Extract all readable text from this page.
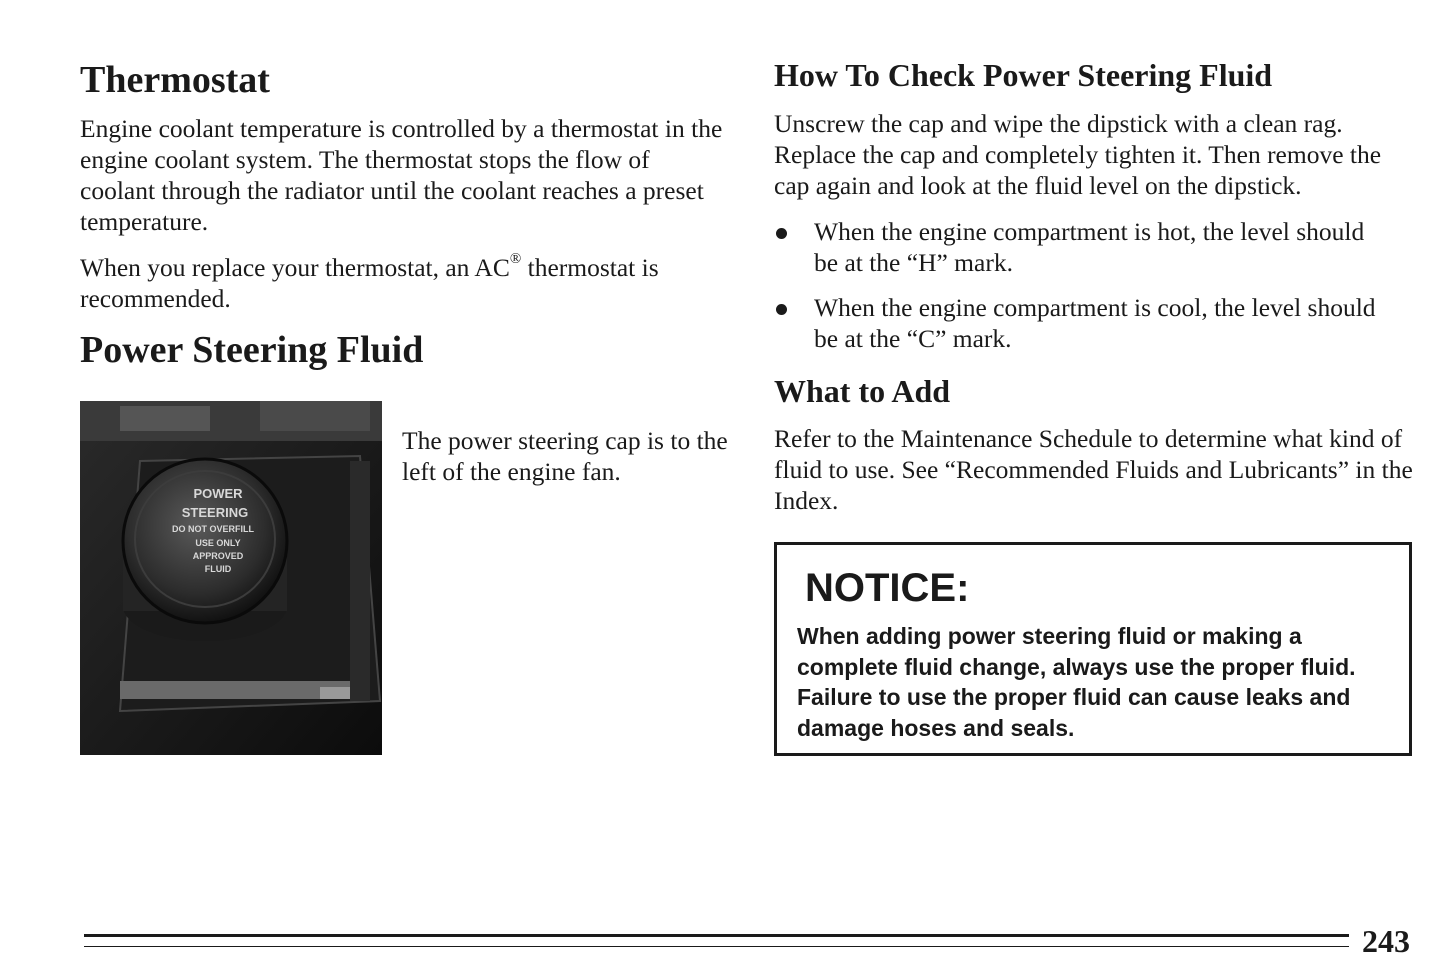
Thermostat

Engine coolant temperature is controlled by a thermostat in the engine coolant system. The thermostat stops the flow of coolant through the radiator until the coolant reaches a preset temperature.

When you replace your thermostat, an AC® thermostat is recommended.

Power Steering Fluid
POWER
STEERING
DO NOT OVERFILL
USE ONLY
APPROVED
FLUID

The power steering cap is to the left of the engine fan.

How To Check Power Steering Fluid

Unscrew the cap and wipe the dipstick with a clean rag. Replace the cap and completely tighten it. Then remove the cap again and look at the fluid level on the dipstick.

When the engine compartment is hot, the level should be at the “H” mark.
When the engine compartment is cool, the level should be at the “C” mark.
What to Add

Refer to the Maintenance Schedule to determine what kind of fluid to use. See “Recommended Fluids and Lubricants” in the Index.

NOTICE:
When adding power steering fluid or making a complete fluid change, always use the proper fluid. Failure to use the proper fluid can cause leaks and damage hoses and seals.
243
